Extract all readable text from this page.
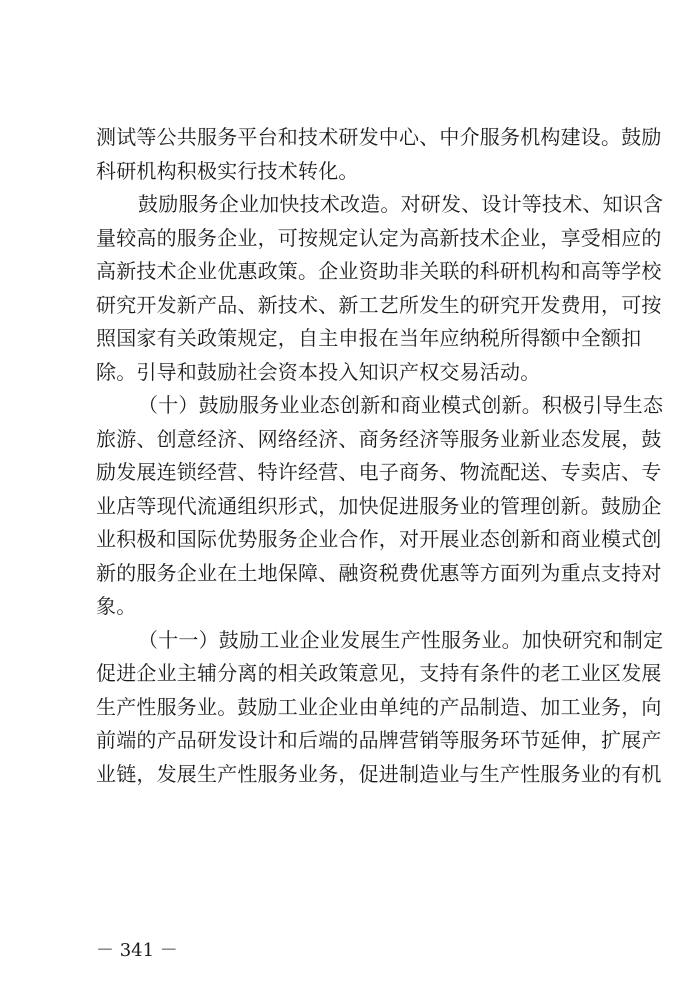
测试等公共服务平台和技术研发中心、中介服务机构建设。鼓励
科研机构积极实行技术转化。
鼓励服务企业加快技术改造。对研发、设计等技术、知识含
量较高的服务企业，可按规定认定为高新技术企业，享受相应的
高新技术企业优惠政策。企业资助非关联的科研机构和高等学校
研究开发新产品、新技术、新工艺所发生的研究开发费用，可按
照国家有关政策规定，自主申报在当年应纳税所得额中全额扣
除。引导和鼓励社会资本投入知识产权交易活动。
（十）鼓励服务业业态创新和商业模式创新。积极引导生态
旅游、创意经济、网络经济、商务经济等服务业新业态发展，鼓
励发展连锁经营、特许经营、电子商务、物流配送、专卖店、专
业店等现代流通组织形式，加快促进服务业的管理创新。鼓励企
业积极和国际优势服务企业合作，对开展业态创新和商业模式创
新的服务企业在土地保障、融资税费优惠等方面列为重点支持对
象。
（十一）鼓励工业企业发展生产性服务业。加快研究和制定
促进企业主辅分离的相关政策意见，支持有条件的老工业区发展
生产性服务业。鼓励工业企业由单纯的产品制造、加工业务，向
前端的产品研发设计和后端的品牌营销等服务环节延伸，扩展产
业链，发展生产性服务业务，促进制造业与生产性服务业的有机
－ 341 －
